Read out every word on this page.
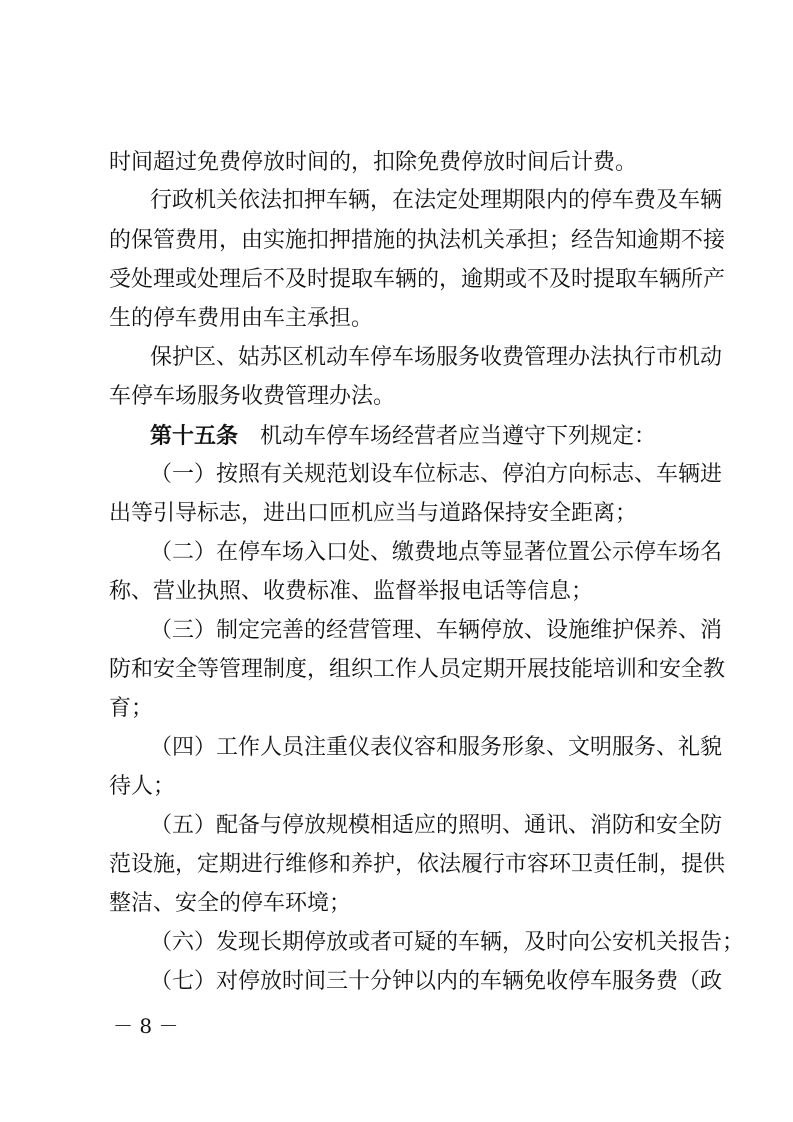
时间超过免费停放时间的，扣除免费停放时间后计费。
行政机关依法扣押车辆，在法定处理期限内的停车费及车辆
的保管费用，由实施扣押措施的执法机关承担；经告知逾期不接
受处理或处理后不及时提取车辆的，逾期或不及时提取车辆所产
生的停车费用由车主承担。
保护区、姑苏区机动车停车场服务收费管理办法执行市机动
车停车场服务收费管理办法。
第十五条 机动车停车场经营者应当遵守下列规定：
（一）按照有关规范划设车位标志、停泊方向标志、车辆进
出等引导标志，进出口匝机应当与道路保持安全距离；
（二）在停车场入口处、缴费地点等显著位置公示停车场名
称、营业执照、收费标准、监督举报电话等信息；
（三）制定完善的经营管理、车辆停放、设施维护保养、消
防和安全等管理制度，组织工作人员定期开展技能培训和安全教
育；
（四）工作人员注重仪表仪容和服务形象、文明服务、礼貌
待人；
（五）配备与停放规模相适应的照明、通讯、消防和安全防
范设施，定期进行维修和养护，依法履行市容环卫责任制，提供
整洁、安全的停车环境；
（六）发现长期停放或者可疑的车辆，及时向公安机关报告；
（七）对停放时间三十分钟以内的车辆免收停车服务费（政
－ 8 －
